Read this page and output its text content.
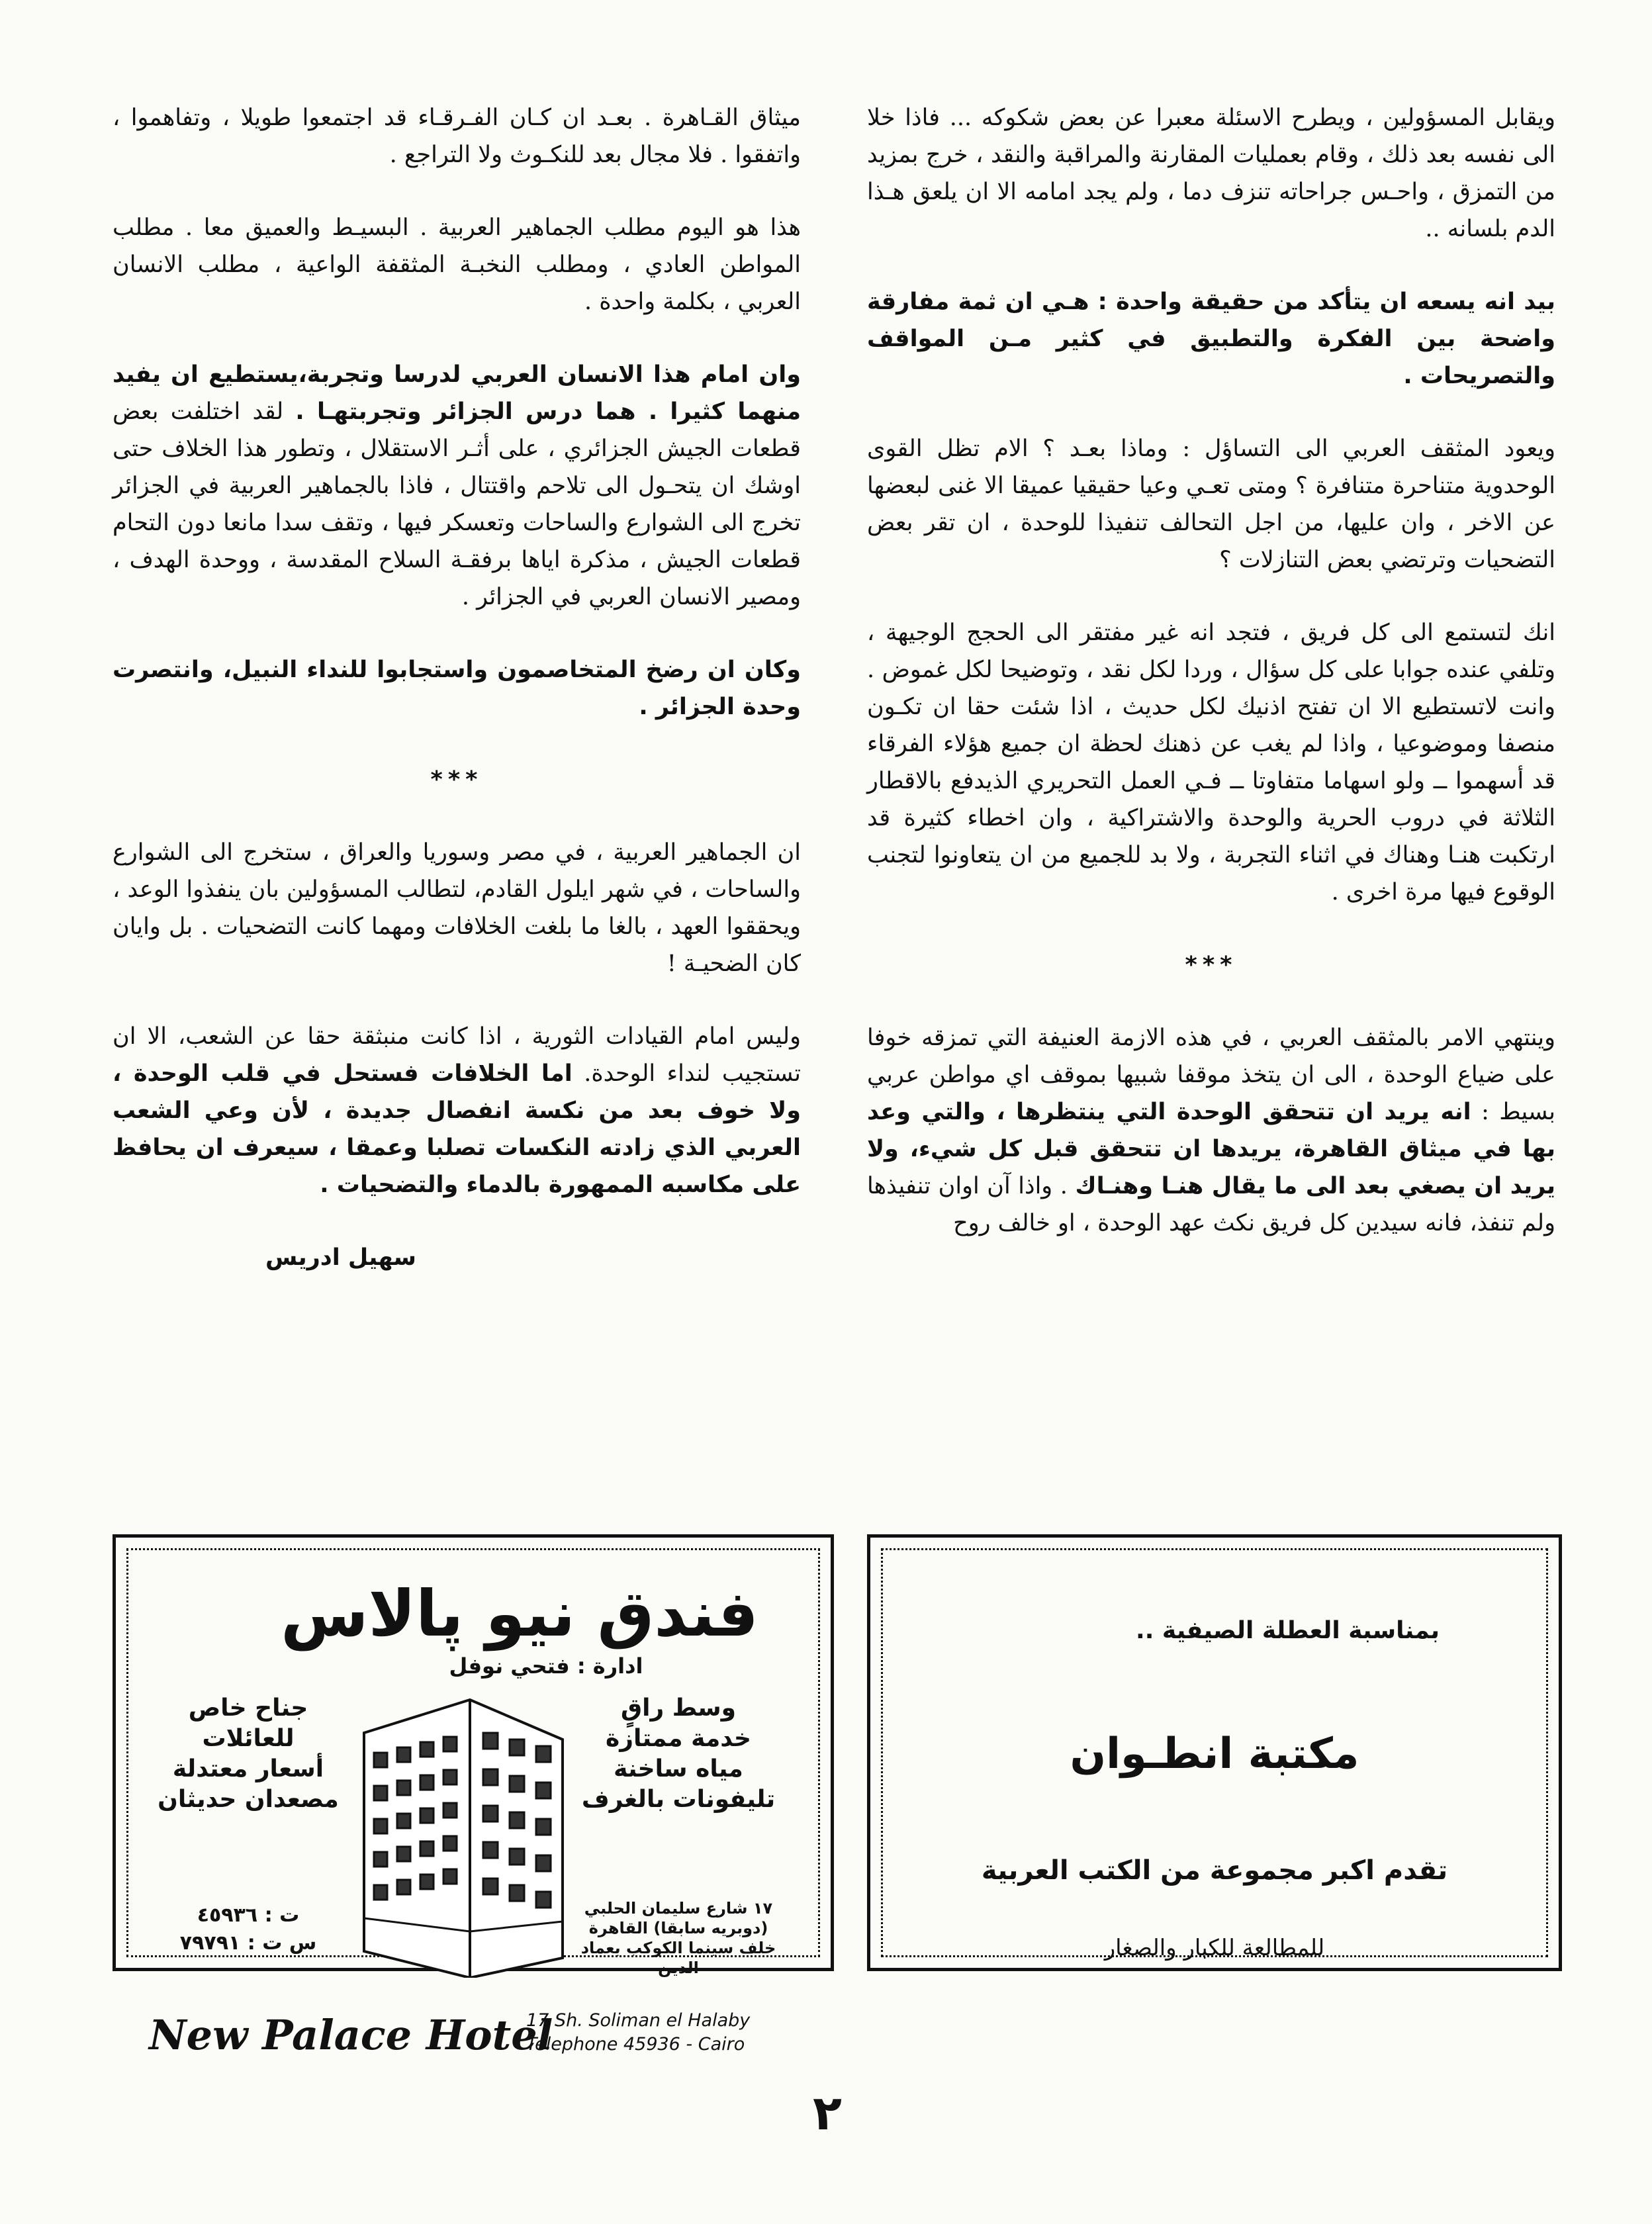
ويقابل المسؤولين ، ويطرح الاسئلة معبرا عن بعض شكوكه ... فاذا خلا الى نفسه بعد ذلك ، وقام بعمليات المقارنة والمراقبة والنقد ، خرج بمزيد من التمزق ، واحـس جراحاته تنزف دما ، ولم يجد امامه الا ان يلعق هـذا الدم بلسانه ..

بيد انه يسعه ان يتأكد من حقيقة واحدة : هـي ان ثمة مفارقة واضحة بين الفكرة والتطبيق في كثير مـن المواقف والتصريحات .

ويعود المثقف العربي الى التساؤل : وماذا بعـد ؟ الام تظل القوى الوحدوية متناحرة متنافرة ؟ ومتى تعـي وعيا حقيقيا عميقا الا غنى لبعضها عن الاخر ، وان عليها، من اجل التحالف تنفيذا للوحدة ، ان تقر بعض التضحيات وترتضي بعض التنازلات ؟

انك لتستمع الى كل فريق ، فتجد انه غير مفتقر الى الحجج الوجيهة ، وتلفي عنده جوابا على كل سؤال ، وردا لكل نقد ، وتوضيحا لكل غموض . وانت لاتستطيع الا ان تفتح اذنيك لكل حديث ، اذا شئت حقا ان تكـون منصفا وموضوعيا ، واذا لم يغب عن ذهنك لحظة ان جميع هؤلاء الفرقاء قد أسهموا ــ ولو اسهاما متفاوتا ــ فـي العمل التحريري الذيدفع بالاقطار الثلاثة في دروب الحرية والوحدة والاشتراكية ، وان اخطاء كثيرة قد ارتكبت هنـا وهناك في اثناء التجربة ، ولا بد للجميع من ان يتعاونوا لتجنب الوقوع فيها مرة اخرى .

***

وينتهي الامر بالمثقف العربي ، في هذه الازمة العنيفة التي تمزقه خوفا على ضياع الوحدة ، الى ان يتخذ موقفا شبيها بموقف اي مواطن عربي بسيط : انه يريد ان تتحقق الوحدة التي ينتظرها ، والتي وعد بها في ميثاق القاهرة، يريدها ان تتحقق قبل كل شيء، ولا يريد ان يصغي بعد الى ما يقال هنـا وهنـاك . واذا آن اوان تنفيذها ولم تنفذ، فانه سيدين كل فريق نكث عهد الوحدة ، او خالف روح

ميثاق القـاهرة . بعـد ان كـان الفـرقـاء قد اجتمعوا طويلا ، وتفاهموا ، واتفقوا . فلا مجال بعد للنكـوث ولا التراجع .

هذا هو اليوم مطلب الجماهير العربية . البسيـط والعميق معا . مطلب المواطن العادي ، ومطلب النخبـة المثقفة الواعية ، مطلب الانسان العربي ، بكلمة واحدة .

وان امام هذا الانسان العربي لدرسا وتجربة،يستطيع ان يفيد منهما كثيرا . هما درس الجزائر وتجربتهـا . لقد اختلفت بعض قطعات الجيش الجزائري ، على أثـر الاستقلال ، وتطور هذا الخلاف حتى اوشك ان يتحـول الى تلاحم واقتتال ، فاذا بالجماهير العربية في الجزائر تخرج الى الشوارع والساحات وتعسكر فيها ، وتقف سدا مانعا دون التحام قطعات الجيش ، مذكرة اياها برفقـة السلاح المقدسة ، ووحدة الهدف ، ومصير الانسان العربي في الجزائر .

وكان ان رضخ المتخاصمون واستجابوا للنداء النبيل، وانتصرت وحدة الجزائر .

***

ان الجماهير العربية ، في مصر وسوريا والعراق ، ستخرج الى الشوارع والساحات ، في شهر ايلول القادم، لتطالب المسؤولين بان ينفذوا الوعد ، ويحققوا العهد ، بالغا ما بلغت الخلافات ومهما كانت التضحيات . بل وايان كان الضحيـة !

وليس امام القيادات الثورية ، اذا كانت منبثقة حقا عن الشعب، الا ان تستجيب لنداء الوحدة. اما الخلافات فستحل في قلب الوحدة ، ولا خوف بعد من نكسة انفصال جديدة ، لأن وعي الشعب العربي الذي زادته النكسات تصلبا وعمقا ، سيعرف ان يحافظ على مكاسبه الممهورة بالدماء والتضحيات .

سهيل ادريس
فندق نيو پالاس
ادارة : فتحي نوفل
وسط راقٍ
خدمة ممتازة
مياه ساخنة
تليفونات بالغرف
جناح خاص
للعائلات
أسعار معتدلة
مصعدان حديثان
١٧ شارع سليمان الحلبي
(دوبريه سابقا) القاهرة
خلف سينما الكوكب بعماد الدين
ت : ٤٥٩٣٦
س ت : ٧٩٧٩١
New Palace Hotel
17 Sh. Soliman el Halaby
Telephone 45936 - Cairo
بمناسبة العطلة الصيفية ..
مكتبة انطـوان
تقدم اكبر مجموعة من الكتب العربية
للمطالعة للكبار والصغار
٢
